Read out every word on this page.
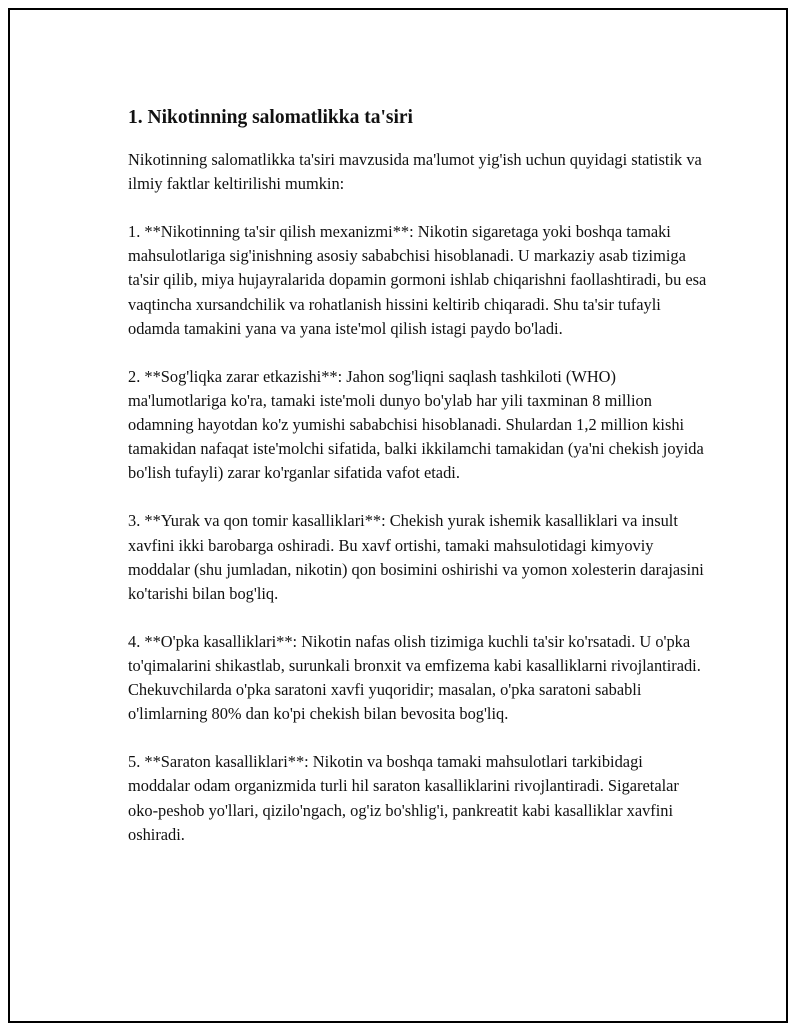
1. Nikotinning salomatlikka ta'siri

Nikotinning salomatlikka ta'siri mavzusida ma'lumot yig'ish uchun quyidagi statistik va ilmiy faktlar keltirilishi mumkin:

1. **Nikotinning ta'sir qilish mexanizmi**: Nikotin sigaretaga yoki boshqa tamaki mahsulotlariga sig'inishning asosiy sababchisi hisoblanadi. U markaziy asab tizimiga ta'sir qilib, miya hujayralarida dopamin gormoni ishlab chiqarishni faollashtiradi, bu esa vaqtincha xursandchilik va rohatlanish hissini keltirib chiqaradi. Shu ta'sir tufayli odamda tamakini yana va yana iste'mol qilish istagi paydo bo'ladi.

2. **Sog'liqka zarar etkazishi**: Jahon sog'liqni saqlash tashkiloti (WHO) ma'lumotlariga ko'ra, tamaki iste'moli dunyo bo'ylab har yili taxminan 8 million odamning hayotdan ko'z yumishi sababchisi hisoblanadi. Shulardan 1,2 million kishi tamakidan nafaqat iste'molchi sifatida, balki ikkilamchi tamakidan (ya'ni chekish joyida bo'lish tufayli) zarar ko'rganlar sifatida vafot etadi.

3. **Yurak va qon tomir kasalliklari**: Chekish yurak ishemik kasalliklari va insult xavfini ikki barobarga oshiradi. Bu xavf ortishi, tamaki mahsulotidagi kimyoviy moddalar (shu jumladan, nikotin) qon bosimini oshirishi va yomon xolesterin darajasini ko'tarishi bilan bog'liq.

4. **O'pka kasalliklari**: Nikotin nafas olish tizimiga kuchli ta'sir ko'rsatadi. U o'pka to'qimalarini shikastlab, surunkali bronxit va emfizema kabi kasalliklarni rivojlantiradi. Chekuvchilarda o'pka saratoni xavfi yuqoridir; masalan, o'pka saratoni sababli o'limlarning 80% dan ko'pi chekish bilan bevosita bog'liq.

5. **Saraton kasalliklari**: Nikotin va boshqa tamaki mahsulotlari tarkibidagi moddalar odam organizmida turli hil saraton kasalliklarini rivojlantiradi. Sigaretalar oko-peshob yo'llari, qizilo'ngach, og'iz bo'shlig'i, pankreatit kabi kasalliklar xavfini oshiradi.
